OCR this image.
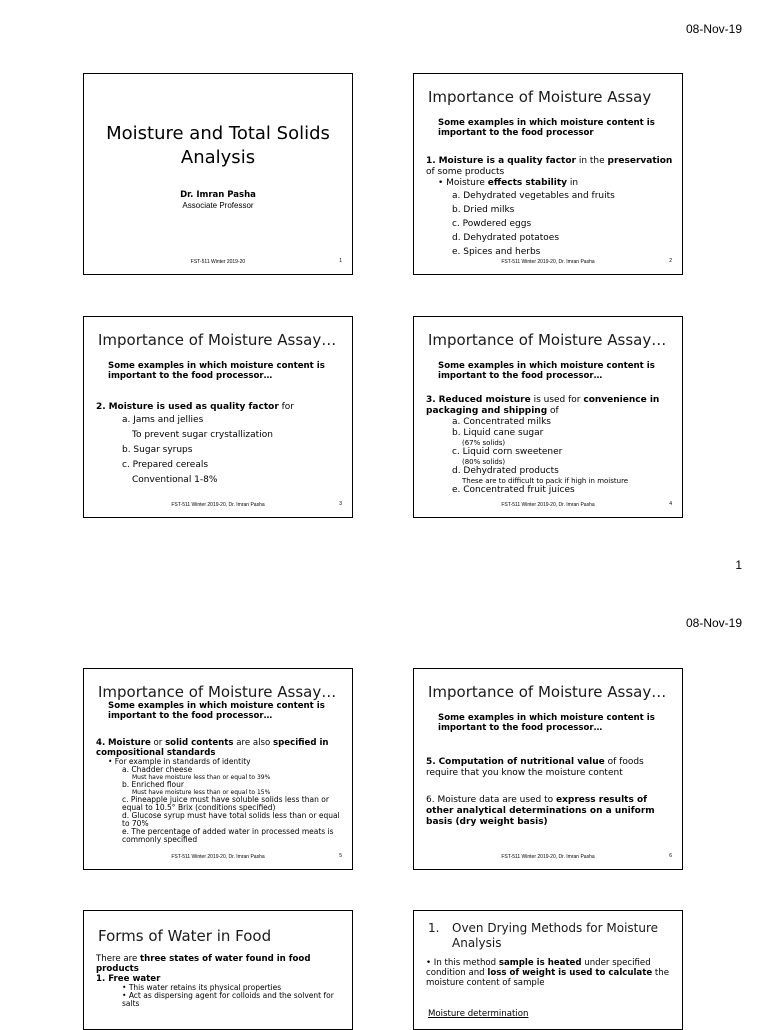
08-Nov-19
Moisture and Total Solids
Analysis
Dr. Imran Pasha
Associate Professor
FST-511 Winter 2019-20	1
Importance of Moisture Assay
Some examples in which moisture content is important to the food processor
1. Moisture is a quality factor in the preservation
of some products
• Moisture effects stability in
a. Dehydrated vegetables and fruits
b. Dried milks
c. Powdered eggs
d. Dehydrated potatoes
e. Spices and herbs
FST-511 Winter 2019-20, Dr. Imran Pasha	2
Importance of Moisture Assay…
Some examples in which moisture content is important to the food processor…
2. Moisture is used as quality factor for
a. Jams and jellies
To prevent sugar crystallization
b. Sugar syrups
c. Prepared cereals
Conventional 1-8%
FST-511 Winter 2019-20, Dr. Imran Pasha	3
Importance of Moisture Assay…
Some examples in which moisture content is important to the food processor…
3. Reduced moisture is used for convenience in packaging and shipping of
a. Concentrated milks
b. Liquid cane sugar
(67% solids)
c. Liquid corn sweetener
(80% solids)
d. Dehydrated products
These are to difficult to pack if high in moisture
e. Concentrated fruit juices
FST-511 Winter 2019-20, Dr. Imran Pasha	4
1
08-Nov-19
Importance of Moisture Assay…
Some examples in which moisture content is important to the food processor…
4. Moisture or solid contents are also specified in compositional standards
• For example in standards of identity
a. Chadder cheese
Must have moisture less than or equal to 39%
b. Enriched flour
Must have moisture less than or equal to 15%
c. Pineapple juice must have soluble solids less than or equal to 10.5° Brix (conditions specified)
d. Glucose syrup must have total solids less than or equal to 70%
e. The percentage of added water in processed meats is commonly specified
FST-511 Winter 2019-20, Dr. Imran Pasha	5
Importance of Moisture Assay…
Some examples in which moisture content is important to the food processor…
5. Computation of nutritional value of foods require that you know the moisture content
6. Moisture data are used to express results of other analytical determinations on a uniform basis (dry weight basis)
FST-511 Winter 2019-20, Dr. Imran Pasha	6
Forms of Water in Food
There are three states of water found in food products
1. Free water
• This water retains its physical properties
• Act as dispersing agent for colloids and the solvent for salts
1.	Oven Drying Methods for Moisture Analysis
• In this method sample is heated under specified condition and loss of weight is used to calculate the moisture content of sample
Moisture determination
